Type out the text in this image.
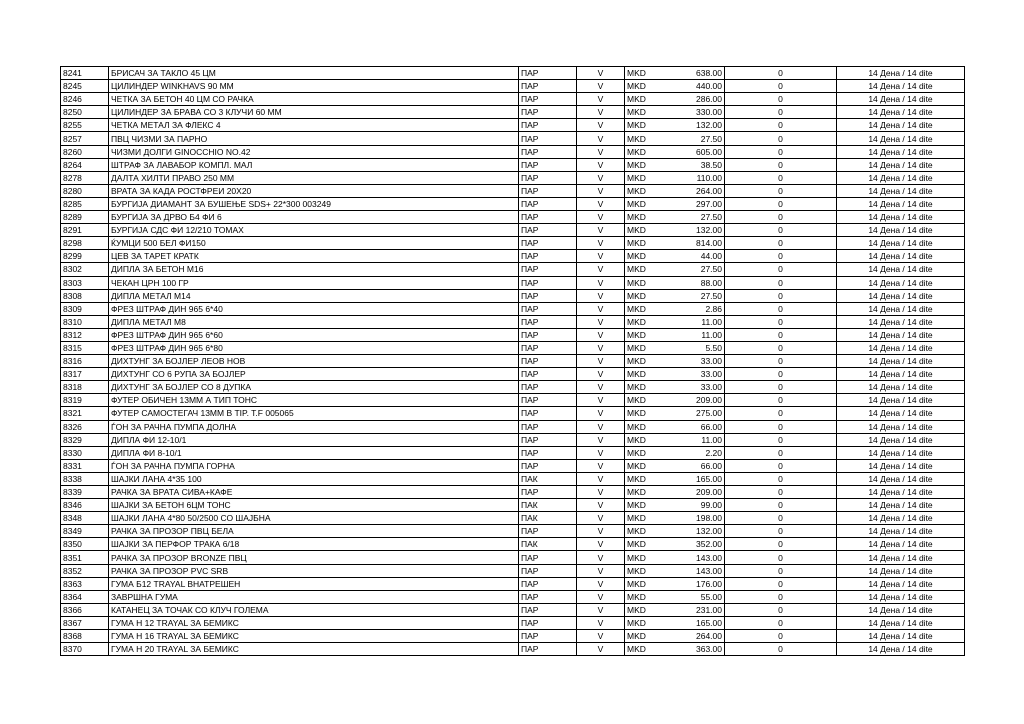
8241	БРИСАЧ ЗА ТАКЛО 45 ЦМ	ПАР	V	MKD	638.00	0	14 Дена / 14 dite
8245	ЦИЛИНДЕР WINKHAVS 90 ММ	ПАР	V	MKD	440.00	0	14 Дена / 14 dite
8246	ЧЕТКА ЗА БЕТОН 40 ЦМ СО РАЧКА	ПАР	V	MKD	286.00	0	14 Дена / 14 dite
8250	ЦИЛИНДЕР ЗА БРАВА СО 3 КЛУЧИ 60 ММ	ПАР	V	MKD	330.00	0	14 Дена / 14 dite
8255	ЧЕТКА МЕТАЛ ЗА ФЛЕКС 4	ПАР	V	MKD	132.00	0	14 Дена / 14 dite
8257	ПВЦ ЧИЗМИ ЗА ПАРНО	ПАР	V	MKD	27.50	0	14 Дена / 14 dite
8260	ЧИЗМИ ДОЛГИ GINOCCHIO NO.42	ПАР	V	MKD	605.00	0	14 Дена / 14 dite
8264	ШТРАФ ЗА ЛАВАБОР КОМПЛ. МАЛ	ПАР	V	MKD	38.50	0	14 Дена / 14 dite
8278	ДАЛТА ХИЛТИ ПРАВО 250 ММ	ПАР	V	MKD	110.00	0	14 Дена / 14 dite
8280	ВРАТА ЗА КАДА РОСТФРЕИ 20Х20	ПАР	V	MKD	264.00	0	14 Дена / 14 dite
8285	БУРГИЈА ДИАМАНТ ЗА БУШЕЊЕ SDS+ 22*300 003249	ПАР	V	MKD	297.00	0	14 Дена / 14 dite
8289	БУРГИЈА ЗА ДРВО Б4 ФИ 6	ПАР	V	MKD	27.50	0	14 Дена / 14 dite
8291	БУРГИЈА СДС ФИ 12/210 ТОМАХ	ПАР	V	MKD	132.00	0	14 Дена / 14 dite
8298	ЌУМЦИ 500 БЕЛ ФИ150	ПАР	V	MKD	814.00	0	14 Дена / 14 dite
8299	ЦЕВ ЗА ТАРЕТ КРАТК	ПАР	V	MKD	44.00	0	14 Дена / 14 dite
8302	ДИПЛА ЗА БЕТОН М16	ПАР	V	MKD	27.50	0	14 Дена / 14 dite
8303	ЧЕКАН ЦРН 100 ГР	ПАР	V	MKD	88.00	0	14 Дена / 14 dite
8308	ДИПЛА МЕТАЛ М14	ПАР	V	MKD	27.50	0	14 Дена / 14 dite
8309	ФРЕЗ ШТРАФ ДИН 965 6*40	ПАР	V	MKD	2.86	0	14 Дена / 14 dite
8310	ДИПЛА МЕТАЛ М8	ПАР	V	MKD	11.00	0	14 Дена / 14 dite
8312	ФРЕЗ ШТРАФ ДИН 965 6*60	ПАР	V	MKD	11.00	0	14 Дена / 14 dite
8315	ФРЕЗ ШТРАФ ДИН 965 6*80	ПАР	V	MKD	5.50	0	14 Дена / 14 dite
8316	ДИХТУНГ ЗА БОЈЛЕР ЛЕОВ НОВ	ПАР	V	MKD	33.00	0	14 Дена / 14 dite
8317	ДИХТУНГ СО 6 РУПА ЗА БОЈЛЕР	ПАР	V	MKD	33.00	0	14 Дена / 14 dite
8318	ДИХТУНГ ЗА БОЈЛЕР СО 8 ДУПКА	ПАР	V	MKD	33.00	0	14 Дена / 14 dite
8319	ФУТЕР ОБИЧЕН 13ММ А ТИП ТОНС	ПАР	V	MKD	209.00	0	14 Дена / 14 dite
8321	ФУТЕР САМОСТЕГАЧ 13ММ В TIP. T.F 005065	ПАР	V	MKD	275.00	0	14 Дена / 14 dite
8326	ЃОН ЗА РАЧНА ПУМПА ДОЛНА	ПАР	V	MKD	66.00	0	14 Дена / 14 dite
8329	ДИПЛА ФИ 12-10/1	ПАР	V	MKD	11.00	0	14 Дена / 14 dite
8330	ДИПЛА ФИ 8-10/1	ПАР	V	MKD	2.20	0	14 Дена / 14 dite
8331	ЃОН ЗА РАЧНА ПУМПА ГОРНА	ПАР	V	MKD	66.00	0	14 Дена / 14 dite
8338	ШАЈКИ ЛАНА 4*35 100	ПАК	V	MKD	165.00	0	14 Дена / 14 dite
8339	РАЧКА ЗА ВРАТА СИВА+КАФЕ	ПАР	V	MKD	209.00	0	14 Дена / 14 dite
8346	ШАЈКИ ЗА БЕТОН 6ЦМ ТОНС	ПАК	V	MKD	99.00	0	14 Дена / 14 dite
8348	ШАЈКИ ЛАНА 4*80 50/2500 СО ШАЈБНА	ПАК	V	MKD	198.00	0	14 Дена / 14 dite
8349	РАЧКА ЗА ПРОЗОР ПВЦ БЕЛА	ПАР	V	MKD	132.00	0	14 Дена / 14 dite
8350	ШАЈКИ ЗА ПЕРФОР ТРАКА 6/18	ПАК	V	MKD	352.00	0	14 Дена / 14 dite
8351	РАЧКА ЗА ПРОЗОР BRONZE ПВЦ	ПАР	V	MKD	143.00	0	14 Дена / 14 dite
8352	РАЧКА ЗА ПРОЗОР PVC SRB	ПАР	V	MKD	143.00	0	14 Дена / 14 dite
8363	ГУМА Б12 TRAYAL ВНАТРЕШЕН	ПАР	V	MKD	176.00	0	14 Дена / 14 dite
8364	ЗАВРШНА ГУМА	ПАР	V	MKD	55.00	0	14 Дена / 14 dite
8366	КАТАНЕЦ ЗА ТОЧАК СО КЛУЧ ГОЛЕМА	ПАР	V	MKD	231.00	0	14 Дена / 14 dite
8367	ГУМА Н 12 TRAYAL ЗА БЕМИКС	ПАР	V	MKD	165.00	0	14 Дена / 14 dite
8368	ГУМА Н 16 TRAYAL ЗА БЕМИКС	ПАР	V	MKD	264.00	0	14 Дена / 14 dite
8370	ГУМА Н 20 TRAYAL ЗА БЕМИКС	ПАР	V	MKD	363.00	0	14 Дена / 14 dite
